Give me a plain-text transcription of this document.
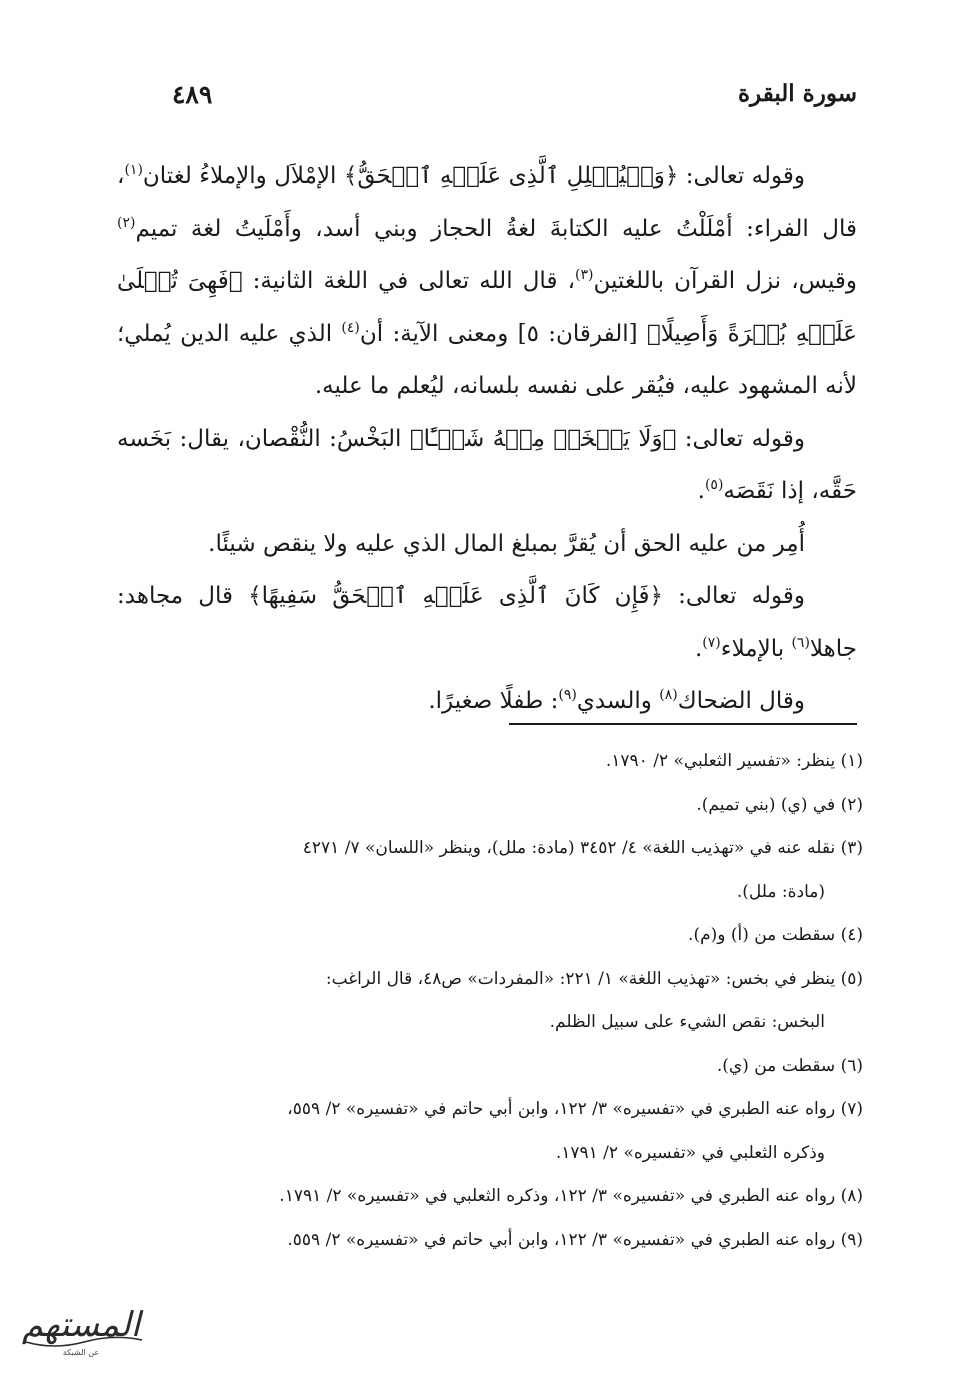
سورة البقرة
٤٨٩

وقوله تعالى: ﴿وَلۡيُمۡلِلِ ٱلَّذِى عَلَيۡهِ ٱلۡحَقُّ﴾ الإمْلاَل والإملاءُ لغتان$^{(١)}$، قال الفراء: أمْلَلْتُ عليه الكتابةَ لغةُ الحجاز وبني أسد، وأَمْلَيتُ لغة تميم$^{(٢)}$ وقيس، نزل القرآن باللغتين$^{(٣)}$، قال الله تعالى في اللغة الثانية: ﴿فَهِىَ تُمۡلَىٰ عَلَيۡهِ بُكۡرَةً وَأَصِيلًا﴾ [الفرقان: ٥] ومعنى الآية: أن$^{(٤)}$ الذي عليه الدين يُملي؛ لأنه المشهود عليه، فيُقر على نفسه بلسانه، ليُعلم ما عليه.

وقوله تعالى: ﴿وَلَا يَبۡخَسۡ مِنۡهُ شَيۡـًٔا﴾ البَخْسُ: النُّقْصان، يقال: بَخَسه حَقَّه، إذا نَقَصَه$^{(٥)}$.

أُمِر من عليه الحق أن يُقرَّ بمبلغ المال الذي عليه ولا ينقص شيئًا.

وقوله تعالى: ﴿فَإِن كَانَ ٱلَّذِى عَلَيۡهِ ٱلۡحَقُّ سَفِيهًا﴾ قال مجاهد: جاهلا$^{(٦)}$ بالإملاء$^{(٧)}$.

وقال الضحاك$^{(٨)}$ والسدي$^{(٩)}$: طفلًا صغيرًا.

(١) ينظر: «تفسير الثعلبي» ٢/ ١٧٩٠.
(٢) في (ي) (بني تميم).
(٣) نقله عنه في «تهذيب اللغة» ٤/ ٣٤٥٢ (مادة: ملل)، وينظر «اللسان» ٧/ ٤٢٧١
(مادة: ملل).
(٤) سقطت من (أ) و(م).
(٥) ينظر في بخس: «تهذيب اللغة» ١/ ٢٢١: «المفردات» ص٤٨، قال الراغب:
البخس: نقص الشيء على سبيل الظلم.
(٦) سقطت من (ي).
(٧) رواه عنه الطبري في «تفسيره» ٣/ ١٢٢، وابن أبي حاتم في «تفسيره» ٢/ ٥٥٩،
وذكره الثعلبي في «تفسيره» ٢/ ١٧٩١.
(٨) رواه عنه الطبري في «تفسيره» ٣/ ١٢٢، وذكره الثعلبي في «تفسيره» ٢/ ١٧٩١.
(٩) رواه عنه الطبري في «تفسيره» ٣/ ١٢٢، وابن أبي حاتم في «تفسيره» ٢/ ٥٥٩.
المستهم
عن الشبكة
